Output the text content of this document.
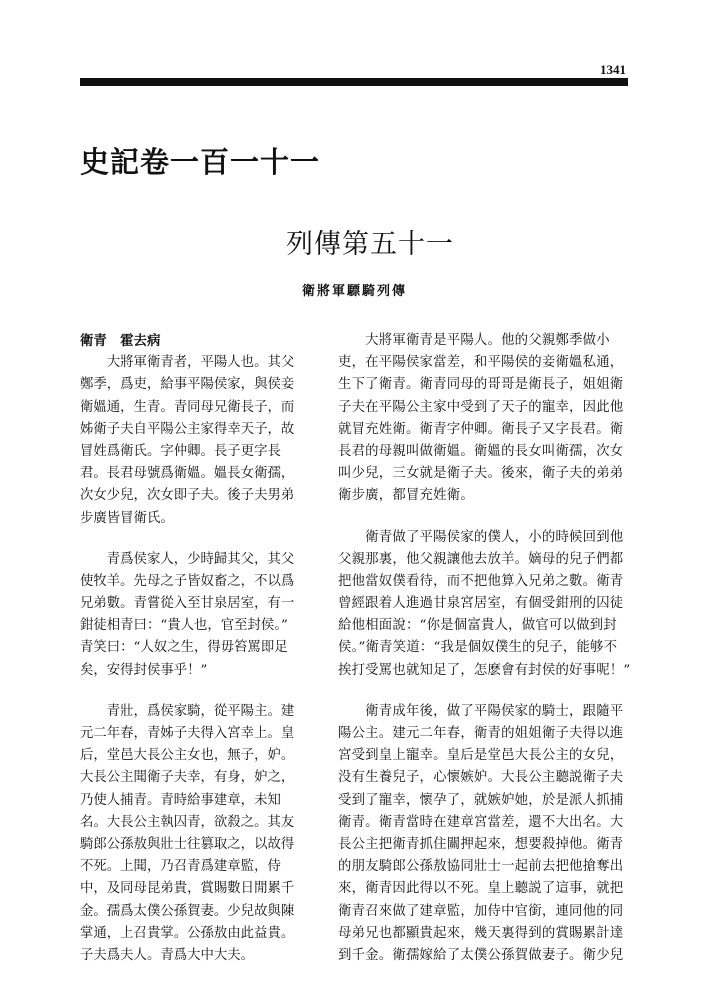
1341
史記卷一百一十一
列傳第五十一
衛將軍驃騎列傳
衛青　霍去病
　　大將軍衛青者，平陽人也。其父
鄭季，爲吏，給事平陽侯家，與侯妾
衛媼通，生青。青同母兄衛長子，而
姊衛子夫自平陽公主家得幸天子，故
冒姓爲衛氏。字仲卿。長子更字長
君。長君母號爲衛媼。媼長女衛孺，
次女少兒，次女即子夫。後子夫男弟
步廣皆冒衛氏。
　　青爲侯家人，少時歸其父，其父
使牧羊。先母之子皆奴畜之，不以爲
兄弟數。青嘗從入至甘泉居室，有一
鉗徒相青曰：“貴人也，官至封侯。”
青笑曰：“人奴之生，得毋笞罵即足
矣，安得封侯事乎！”
　　青壯，爲侯家騎，從平陽主。建
元二年春，青姊子夫得入宮幸上。皇
后，堂邑大長公主女也，無子，妒。
大長公主聞衛子夫幸，有身，妒之，
乃使人捕青。青時給事建章，未知
名。大長公主執囚青，欲殺之。其友
騎郎公孫敖與壯士往篡取之，以故得
不死。上聞，乃召青爲建章監，侍
中，及同母昆弟貴，賞賜數日閒累千
金。孺爲太僕公孫賀妻。少兒故與陳
掌通，上召貴掌。公孫敖由此益貴。
子夫爲夫人。青爲大中大夫。
　　大將軍衛青是平陽人。他的父親鄭季做小
吏，在平陽侯家當差，和平陽侯的妾衛媼私通，
生下了衛青。衛青同母的哥哥是衛長子，姐姐衛
子夫在平陽公主家中受到了天子的寵幸，因此他
就冒充姓衛。衛青字仲卿。衛長子又字長君。衛
長君的母親叫做衛媼。衛媼的長女叫衛孺，次女
叫少兒，三女就是衛子夫。後來，衛子夫的弟弟
衛步廣，都冒充姓衛。
　　衛青做了平陽侯家的僕人，小的時候回到他
父親那裏，他父親讓他去放羊。嫡母的兒子們都
把他當奴僕看待，而不把他算入兄弟之數。衛青
曾經跟着人進過甘泉宮居室，有個受鉗刑的囚徒
給他相面說：“你是個富貴人，做官可以做到封
侯。”衛青笑道：“我是個奴僕生的兒子，能够不
挨打受罵也就知足了，怎麽會有封侯的好事呢！”
　　衛青成年後，做了平陽侯家的騎士，跟隨平
陽公主。建元二年春，衛青的姐姐衛子夫得以進
宮受到皇上寵幸。皇后是堂邑大長公主的女兒，
没有生養兒子，心懷嫉妒。大長公主聽説衛子夫
受到了寵幸，懷孕了，就嫉妒她，於是派人抓捕
衛青。衛青當時在建章宮當差，還不大出名。大
長公主把衛青抓住關押起來，想要殺掉他。衛青
的朋友騎郎公孫敖協同壯士一起前去把他搶奪出
來，衛青因此得以不死。皇上聽説了這事，就把
衛青召來做了建章監，加侍中官銜，連同他的同
母弟兄也都顯貴起來，幾天裏得到的賞賜累計達
到千金。衛孺嫁給了太僕公孫賀做妻子。衛少兒
